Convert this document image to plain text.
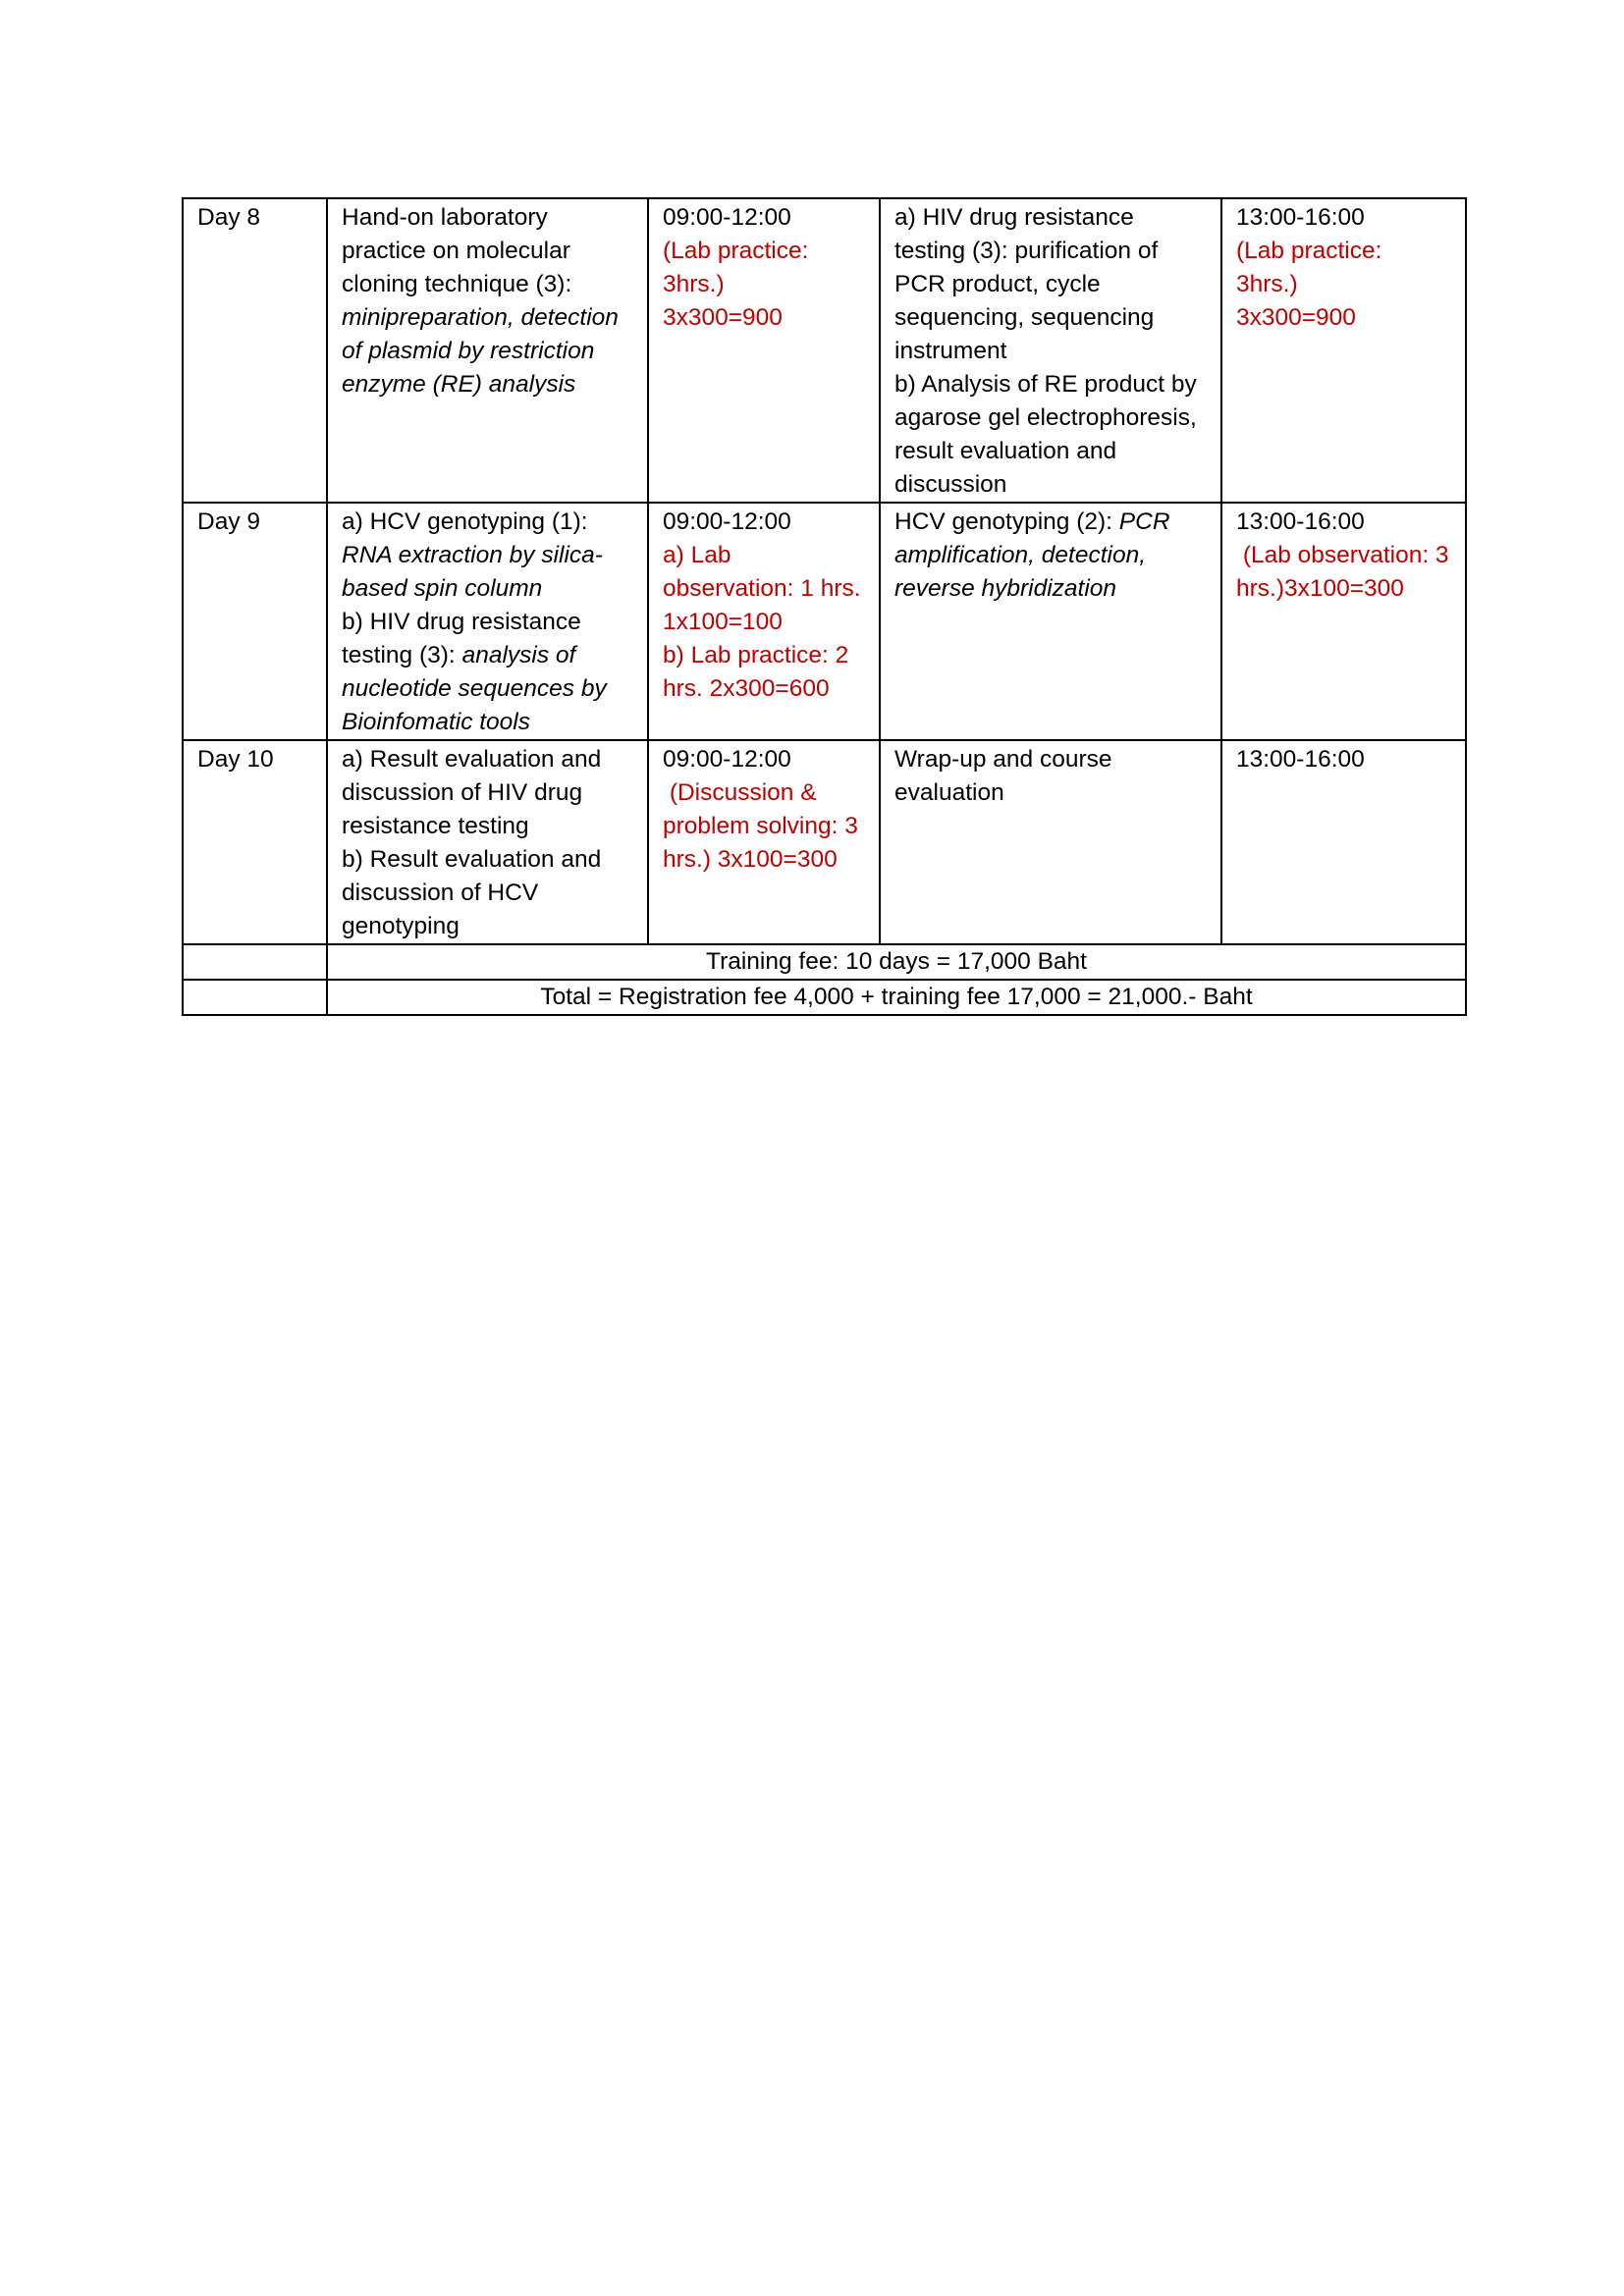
Day 8	Hand-on laboratory practice on molecular cloning technique (3): minipreparation, detection of plasmid by restriction enzyme (RE) analysis	09:00-12:00
(Lab practice:
3hrs.)
3x300=900	a) HIV drug resistance testing (3): purification of PCR product, cycle sequencing, sequencing instrument
b) Analysis of RE product by agarose gel electrophoresis, result evaluation and discussion	13:00-16:00
(Lab practice:
3hrs.)
3x300=900

Day 9	a) HCV genotyping (1): RNA extraction by silica-based spin column
b) HIV drug resistance testing (3): analysis of nucleotide sequences by Bioinfomatic tools	09:00-12:00
a) Lab observation: 1 hrs. 1x100=100
b) Lab practice: 2 hrs. 2x300=600	HCV genotyping (2): PCR amplification, detection, reverse hybridization	13:00-16:00
(Lab observation: 3 hrs.)3x100=300

Day 10	a) Result evaluation and discussion of HIV drug resistance testing
b) Result evaluation and discussion of HCV genotyping	09:00-12:00
(Discussion & problem solving: 3 hrs.) 3x100=300	Wrap-up and course evaluation	13:00-16:00
	Training fee: 10 days = 17,000 Baht			
	Total = Registration fee 4,000 + training fee 17,000 = 21,000.- Baht			
